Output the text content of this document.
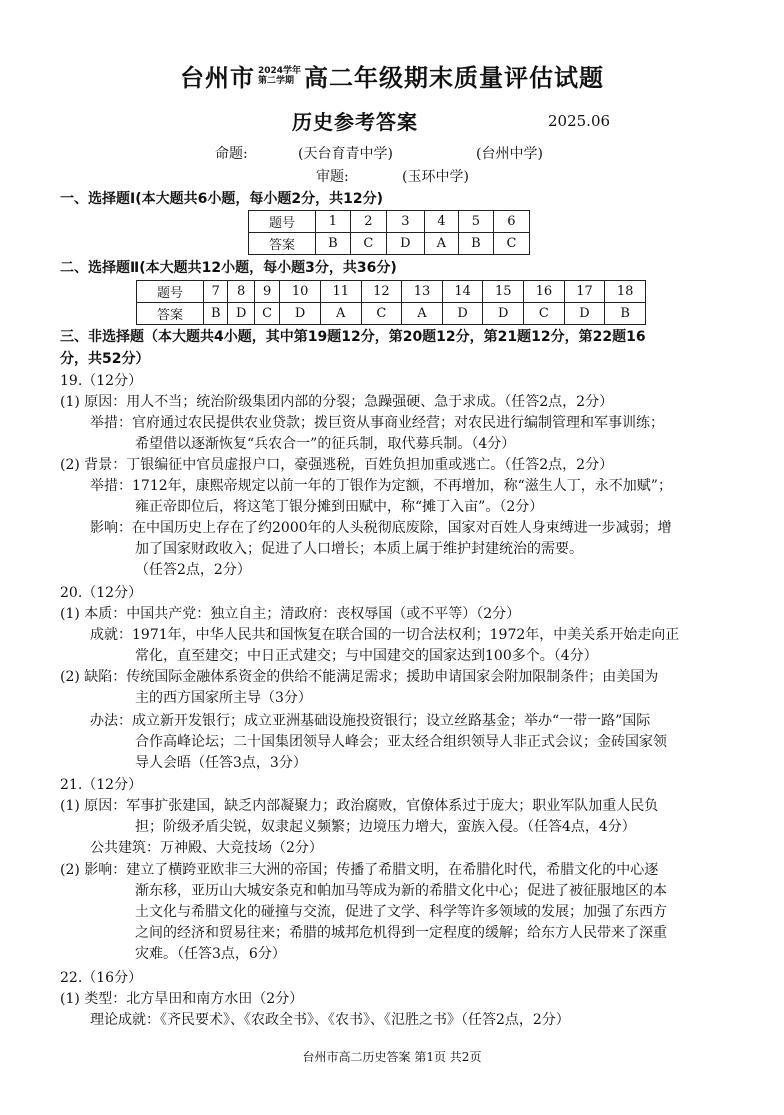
台州市 2024学年
第二学期 高二年级期末质量评估试题
历史参考答案	2025.06
命题:	(天台育青中学)	(台州中学)
审题:	(玉环中学)
一、选择题Ⅰ(本大题共6小题，每小题2分，共12分)
题号	1	2	3	4	5	6
答案	B	C	D	A	B	C
二、选择题Ⅱ(本大题共12小题，每小题3分，共36分)
题号	7	8	9	10	11	12	13	14	15	16	17	18
答案	B	D	C	D	A	C	A	D	D	C	D	B
三、非选择题（本大题共4小题，其中第19题12分，第20题12分，第21题12分，第22题16
分，共52分）
19.（12分）
(1) 原因：用人不当；统治阶级集团内部的分裂；急躁强硬、急于求成。（任答2点，2分）
举措：官府通过农民提供农业贷款；拨巨资从事商业经营；对农民进行编制管理和军事训练；
希望借以逐渐恢复“兵农合一”的征兵制，取代募兵制。（4分）
(2) 背景：丁银编征中官员虚报户口，豪强逃税，百姓负担加重或逃亡。（任答2点，2分）
举措：1712年，康熙帝规定以前一年的丁银作为定额，不再增加，称“滋生人丁，永不加赋”；
雍正帝即位后，将这笔丁银分摊到田赋中，称“摊丁入亩”。（2分）
影响：在中国历史上存在了约2000年的人头税彻底废除，国家对百姓人身束缚进一步减弱；增
加了国家财政收入；促进了人口增长；本质上属于维护封建统治的需要。
（任答2点，2分）
20.（12分）
(1) 本质：中国共产党：独立自主；清政府：丧权辱国（或不平等）（2分）
成就：1971年，中华人民共和国恢复在联合国的一切合法权利；1972年，中美关系开始走向正
常化，直至建交；中日正式建交；与中国建交的国家达到100多个。（4分）
(2) 缺陷：传统国际金融体系资金的供给不能满足需求；援助申请国家会附加限制条件；由美国为
主的西方国家所主导（3分）
办法：成立新开发银行；成立亚洲基础设施投资银行；设立丝路基金；举办“一带一路”国际
合作高峰论坛；二十国集团领导人峰会；亚太经合组织领导人非正式会议；金砖国家领
导人会晤（任答3点，3分）
21.（12分）
(1) 原因：军事扩张建国，缺乏内部凝聚力；政治腐败，官僚体系过于庞大；职业军队加重人民负
担；阶级矛盾尖锐，奴隶起义频繁；边境压力增大，蛮族入侵。（任答4点，4分）
公共建筑：万神殿、大竞技场（2分）
(2) 影响：建立了横跨亚欧非三大洲的帝国；传播了希腊文明，在希腊化时代，希腊文化的中心逐
渐东移，亚历山大城安条克和帕加马等成为新的希腊文化中心；促进了被征服地区的本
土文化与希腊文化的碰撞与交流，促进了文学、科学等许多领域的发展；加强了东西方
之间的经济和贸易往来；希腊的城邦危机得到一定程度的缓解；给东方人民带来了深重
灾难。（任答3点，6分）
22.（16分）
(1) 类型：北方旱田和南方水田（2分）
理论成就：《齐民要术》、《农政全书》、《农书》、《氾胜之书》（任答2点，2分）
台州市高二历史答案 第1页 共2页
